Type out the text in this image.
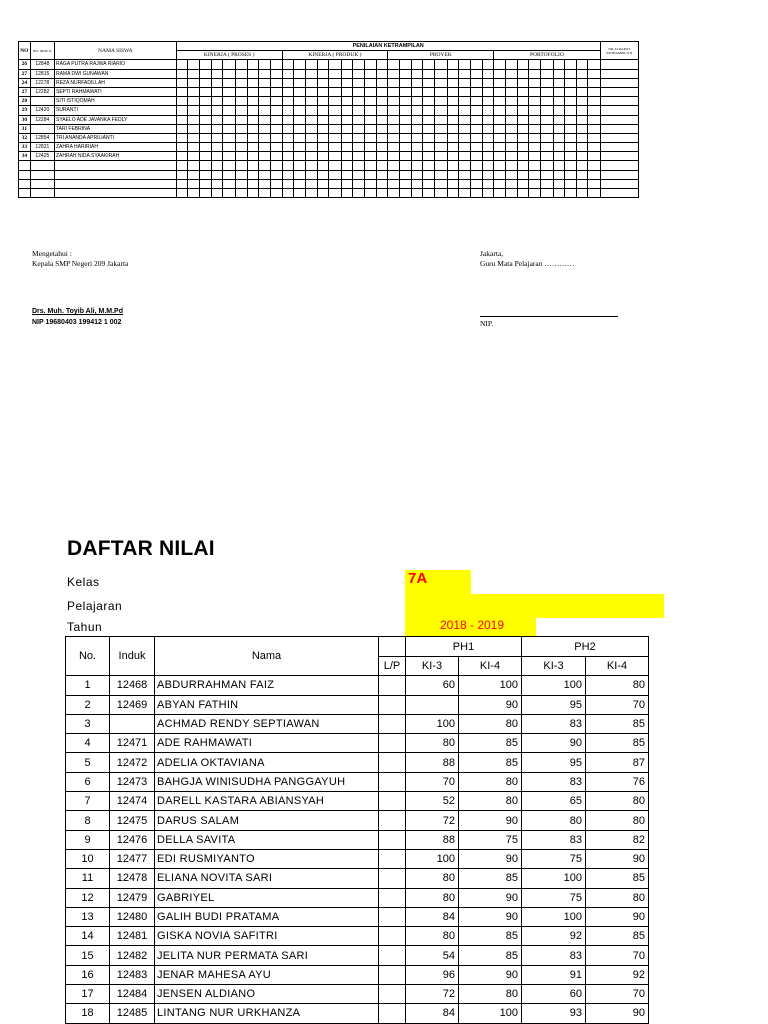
NO	NO. INDU K	NAMA SISWA	PENILAIAN KETRAMPILAN																																				NILAI RAPOT KETRAMPILA N
			KINERJA ( PROSES )									KINERJA ( PRODUK )									PROYEK									PORTOFOLIO									
26	12848	RAGA PUTRA RAJWA RIARIO																																					
27	12815	RAMA DWI GUNAWAN																																					
24	12278	REZA NURFADILLAH																																					
27	12282	SEPTI RAHMAWATI																																					
28		SITI ISTIQOMAH																																					
29	12420	SURANTI																																					
30	12284	SYAELO ADE JAVANKA FEDLY																																					
31		TARI FEBRINA																																					
32	12854	TRI ANANDA APRILIANTI																																					
33	12821	ZAHRA HARIRIAH																																					
34	12425	ZAHRAH NIDA SYAAKIRAH																																					

Mengetahui :
Kepala SMP Negeri 209 Jakarta
Jakarta,
Guru Mata Pelajaran …………
Drs. Muh. Toyib Ali, M.M.Pd
NIP 19680403 199412 1 002	NIP.
DAFTAR NILAI
Kelas
Pelajaran
Tahun
7A
2018 - 2019
No.	Induk	Nama		PH1		PH2	
			L/P	KI-3	KI-4	KI-3	KI-4
1	12468	ABDURRAHMAN FAIZ		60	100	100	80
2	12469	ABYAN FATHIN			90	95	70
3		ACHMAD RENDY SEPTIAWAN		100	80	83	85
4	12471	ADE RAHMAWATI		80	85	90	85
5	12472	ADELIA OKTAVIANA		88	85	95	87
6	12473	BAHGJA WINISUDHA PANGGAYUH		70	80	83	76
7	12474	DARELL KASTARA ABIANSYAH		52	80	65	80
8	12475	DARUS SALAM		72	90	80	80
9	12476	DELLA SAVITA		88	75	83	82
10	12477	EDI RUSMIYANTO		100	90	75	90
11	12478	ELIANA NOVITA SARI		80	85	100	85
12	12479	GABRIYEL		80	90	75	80
13	12480	GALIH BUDI PRATAMA		84	90	100	90
14	12481	GISKA NOVIA SAFITRI		80	85	92	85
15	12482	JELITA NUR PERMATA SARI		54	85	83	70
16	12483	JENAR MAHESA AYU		96	90	91	92
17	12484	JENSEN ALDIANO		72	80	60	70
18	12485	LINTANG NUR URKHANZA		84	100	93	90
